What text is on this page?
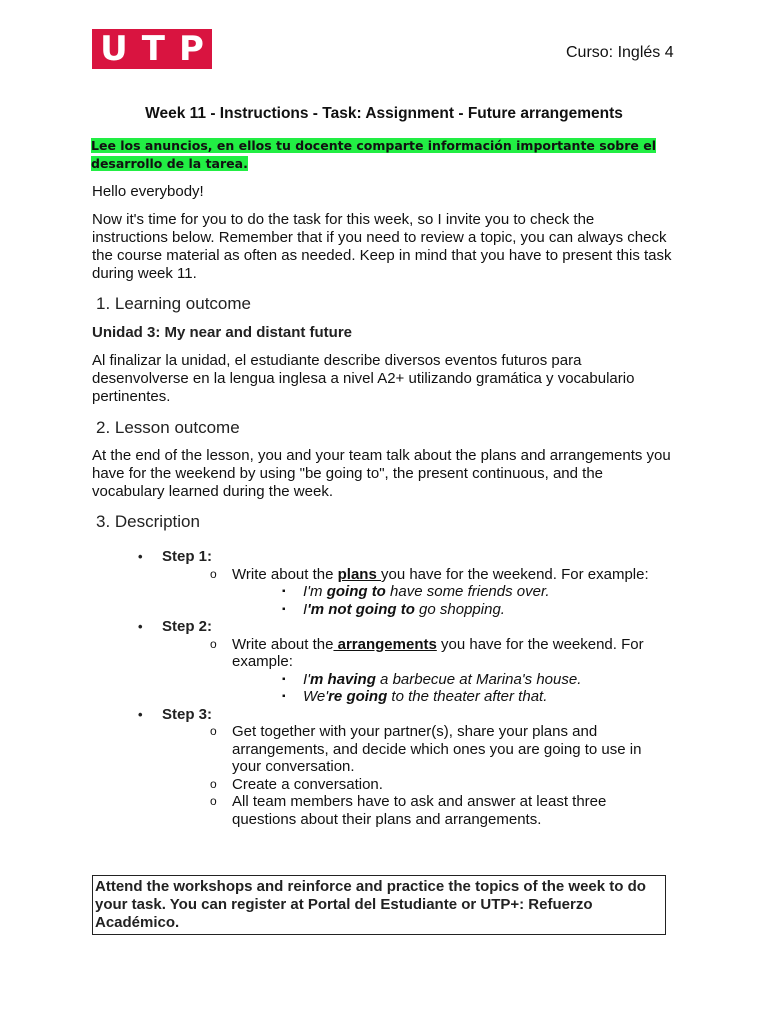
U T P	Curso: Inglés 4
Week 11 - Instructions - Task: Assignment - Future arrangements
Lee los anuncios, en ellos tu docente comparte información importante sobre el desarrollo de la tarea.
Hello everybody!
Now it's time for you to do the task for this week, so I invite you to check the instructions below. Remember that if you need to review a topic, you can always check the course material as often as needed. Keep in mind that you have to present this task during week 11.
1. Learning outcome
Unidad 3: My near and distant future
Al finalizar la unidad, el estudiante describe diversos eventos futuros para desenvolverse en la lengua inglesa a nivel A2+ utilizando gramática y vocabulario pertinentes.
2. Lesson outcome
At the end of the lesson, you and your team talk about the plans and arrangements you have for the weekend by using "be going to", the present continuous, and the vocabulary learned during the week.
3. Description
• Step 1:
o Write about the plans you have for the weekend. For example:
▪ I'm going to have some friends over.
▪ I'm not going to go shopping.
• Step 2:
o Write about the arrangements you have for the weekend. For example:
▪ I'm having a barbecue at Marina's house.
▪ We're going to the theater after that.
• Step 3:
o Get together with your partner(s), share your plans and arrangements, and decide which ones you are going to use in your conversation.
o Create a conversation.
o All team members have to ask and answer at least three questions about their plans and arrangements.
Attend the workshops and reinforce and practice the topics of the week to do your task. You can register at Portal del Estudiante or UTP+: Refuerzo Académico.
